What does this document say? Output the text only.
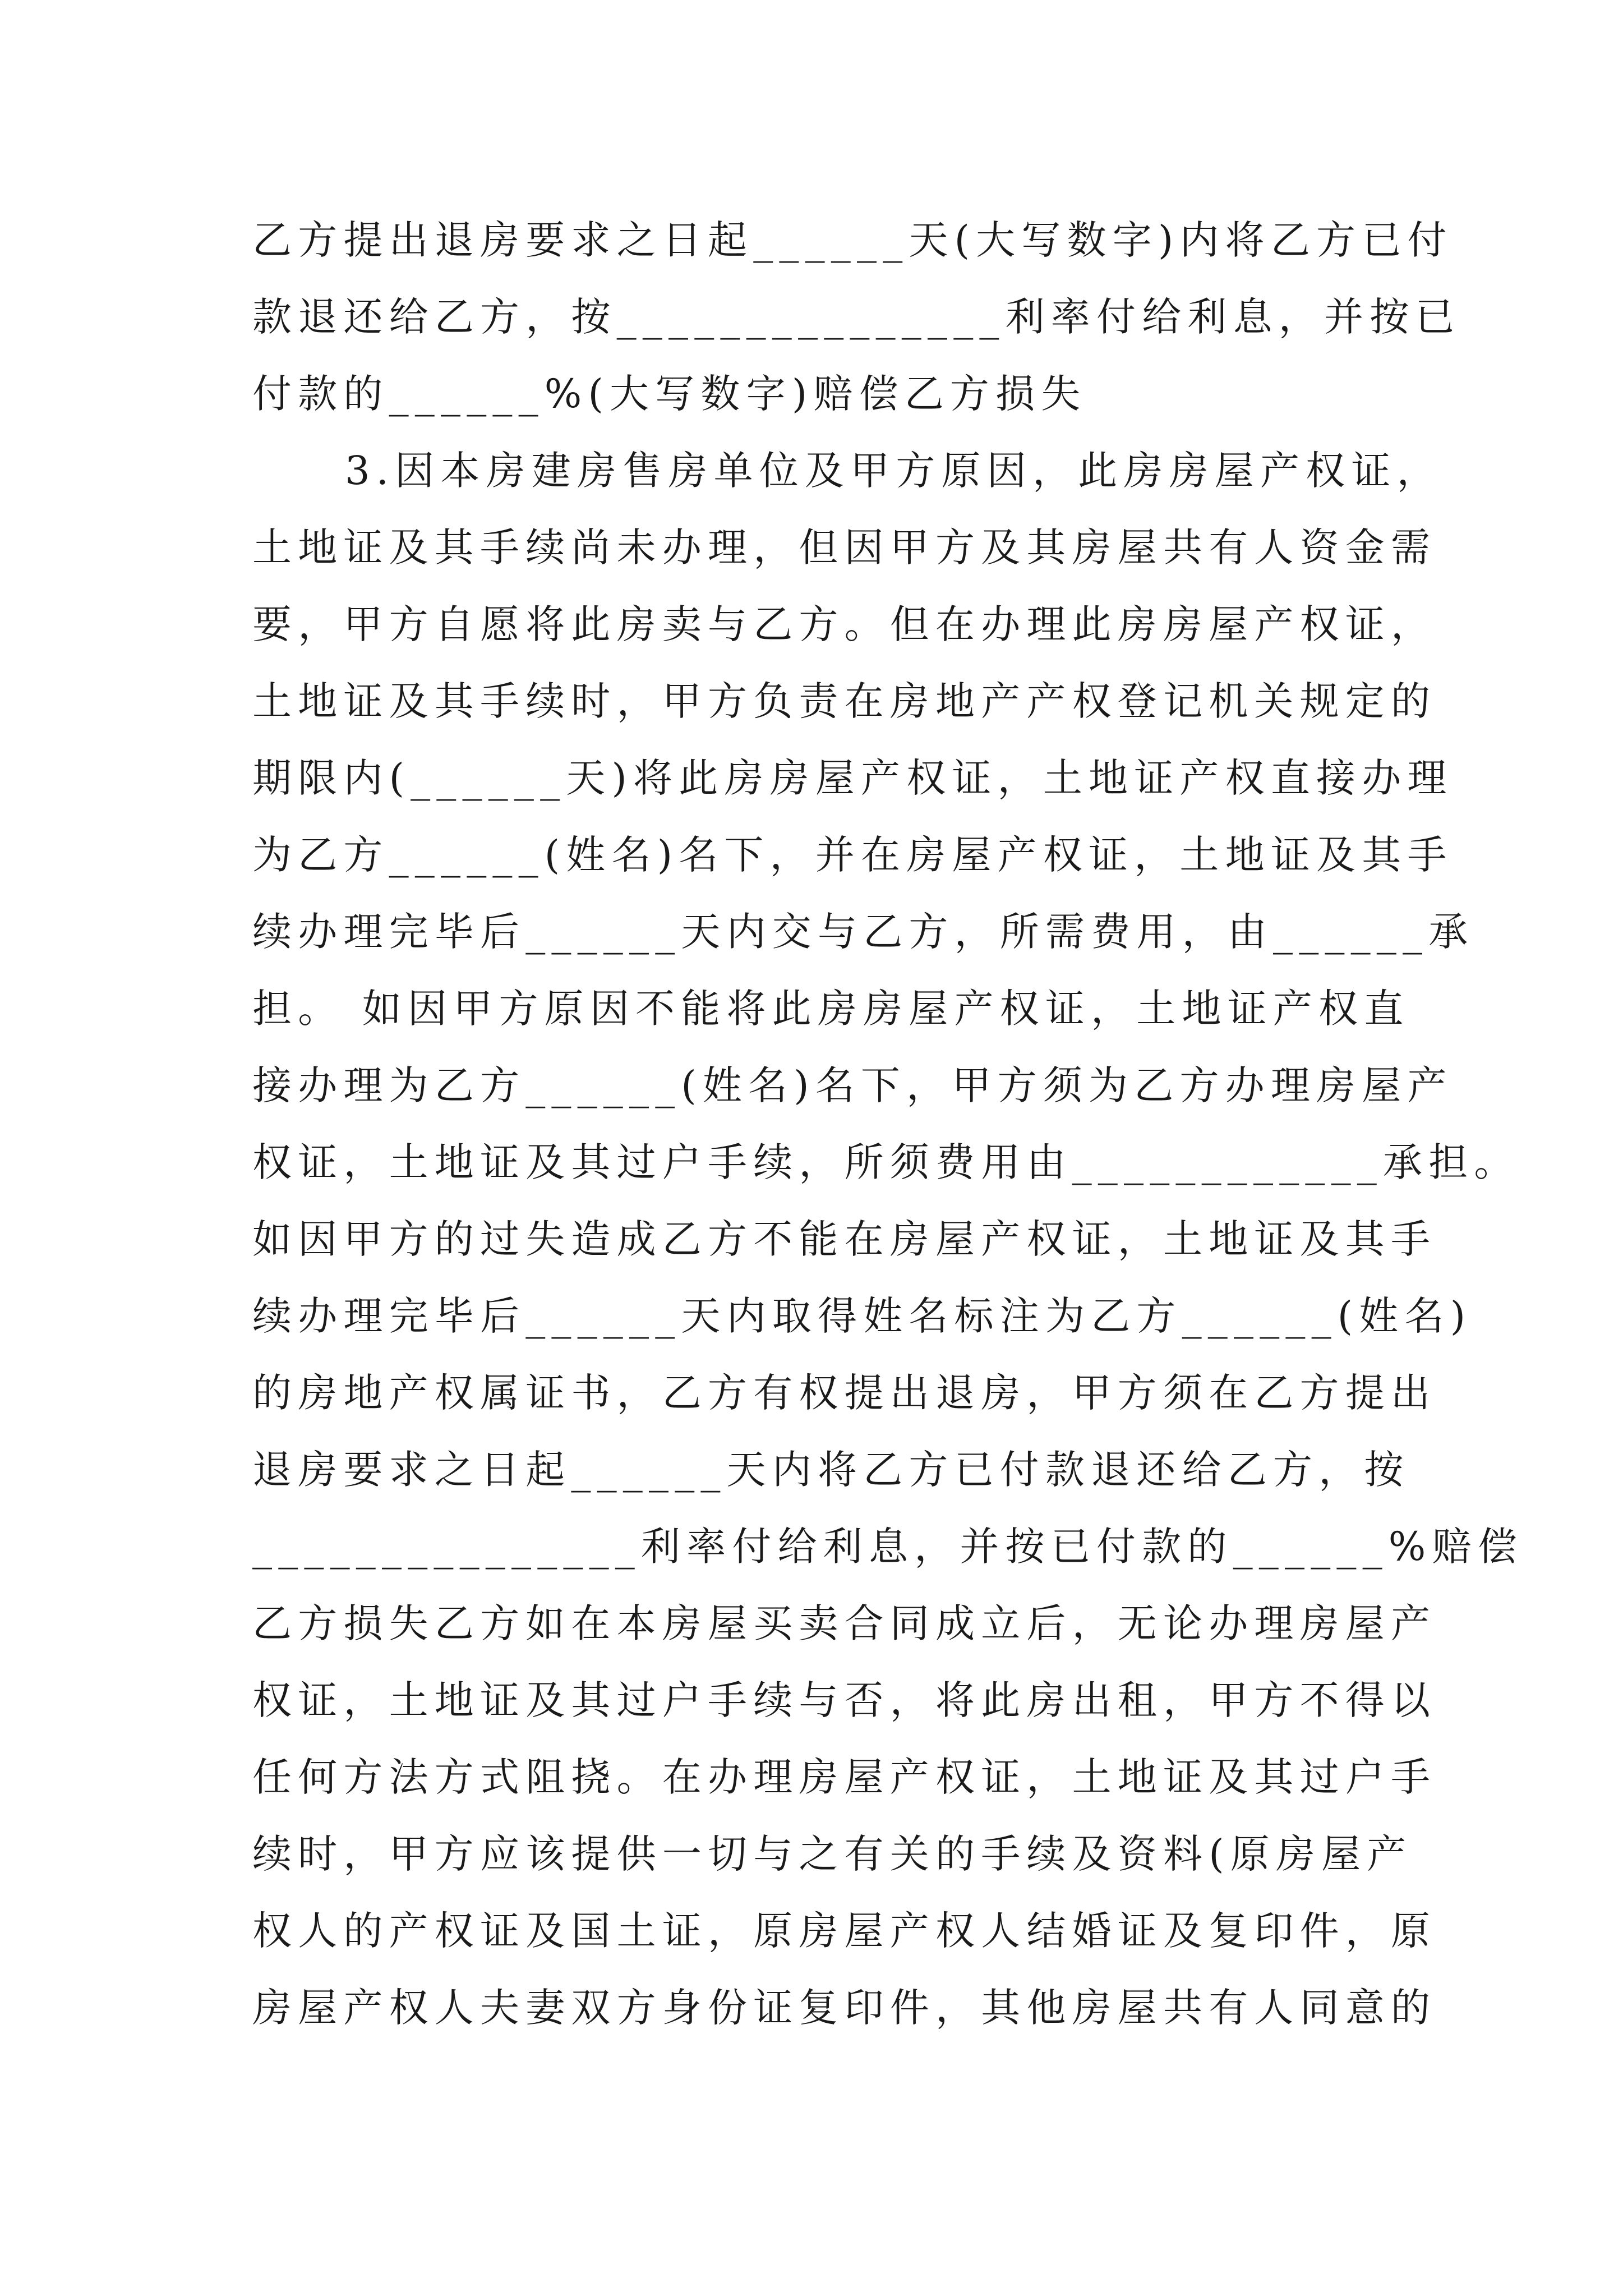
乙方提出退房要求之日起______天(大写数字)内将乙方已付
款退还给乙方，按_______________利率付给利息，并按已
付款的______%(大写数字)赔偿乙方损失
3.因本房建房售房单位及甲方原因，此房房屋产权证，
土地证及其手续尚未办理，但因甲方及其房屋共有人资金需
要，甲方自愿将此房卖与乙方。但在办理此房房屋产权证，
土地证及其手续时，甲方负责在房地产产权登记机关规定的
期限内(______天)将此房房屋产权证，土地证产权直接办理
为乙方______(姓名)名下，并在房屋产权证，土地证及其手
续办理完毕后______天内交与乙方，所需费用，由______承
担。 如因甲方原因不能将此房房屋产权证，土地证产权直
接办理为乙方______(姓名)名下，甲方须为乙方办理房屋产
权证，土地证及其过户手续，所须费用由____________承担。
如因甲方的过失造成乙方不能在房屋产权证，土地证及其手
续办理完毕后______天内取得姓名标注为乙方______(姓名)
的房地产权属证书，乙方有权提出退房，甲方须在乙方提出
退房要求之日起______天内将乙方已付款退还给乙方，按
_______________利率付给利息，并按已付款的______%赔偿
乙方损失乙方如在本房屋买卖合同成立后，无论办理房屋产
权证，土地证及其过户手续与否，将此房出租，甲方不得以
任何方法方式阻挠。在办理房屋产权证，土地证及其过户手
续时，甲方应该提供一切与之有关的手续及资料(原房屋产
权人的产权证及国土证，原房屋产权人结婚证及复印件，原
房屋产权人夫妻双方身份证复印件，其他房屋共有人同意的
